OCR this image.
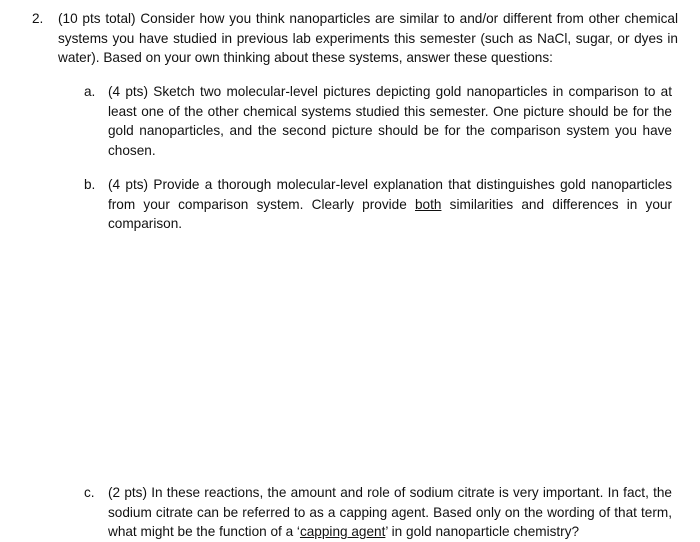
2.	(10 pts total) Consider how you think nanoparticles are similar to and/or different from other chemical systems you have studied in previous lab experiments this semester (such as NaCl, sugar, or dyes in water). Based on your own thinking about these systems, answer these questions:
a. (4 pts) Sketch two molecular-level pictures depicting gold nanoparticles in comparison to at least one of the other chemical systems studied this semester. One picture should be for the gold nanoparticles, and the second picture should be for the comparison system you have chosen.
b. (4 pts) Provide a thorough molecular-level explanation that distinguishes gold nanoparticles from your comparison system. Clearly provide both similarities and differences in your comparison.
c. (2 pts) In these reactions, the amount and role of sodium citrate is very important. In fact, the sodium citrate can be referred to as a capping agent. Based only on the wording of that term, what might be the function of a ‘capping agent’ in gold nanoparticle chemistry?
